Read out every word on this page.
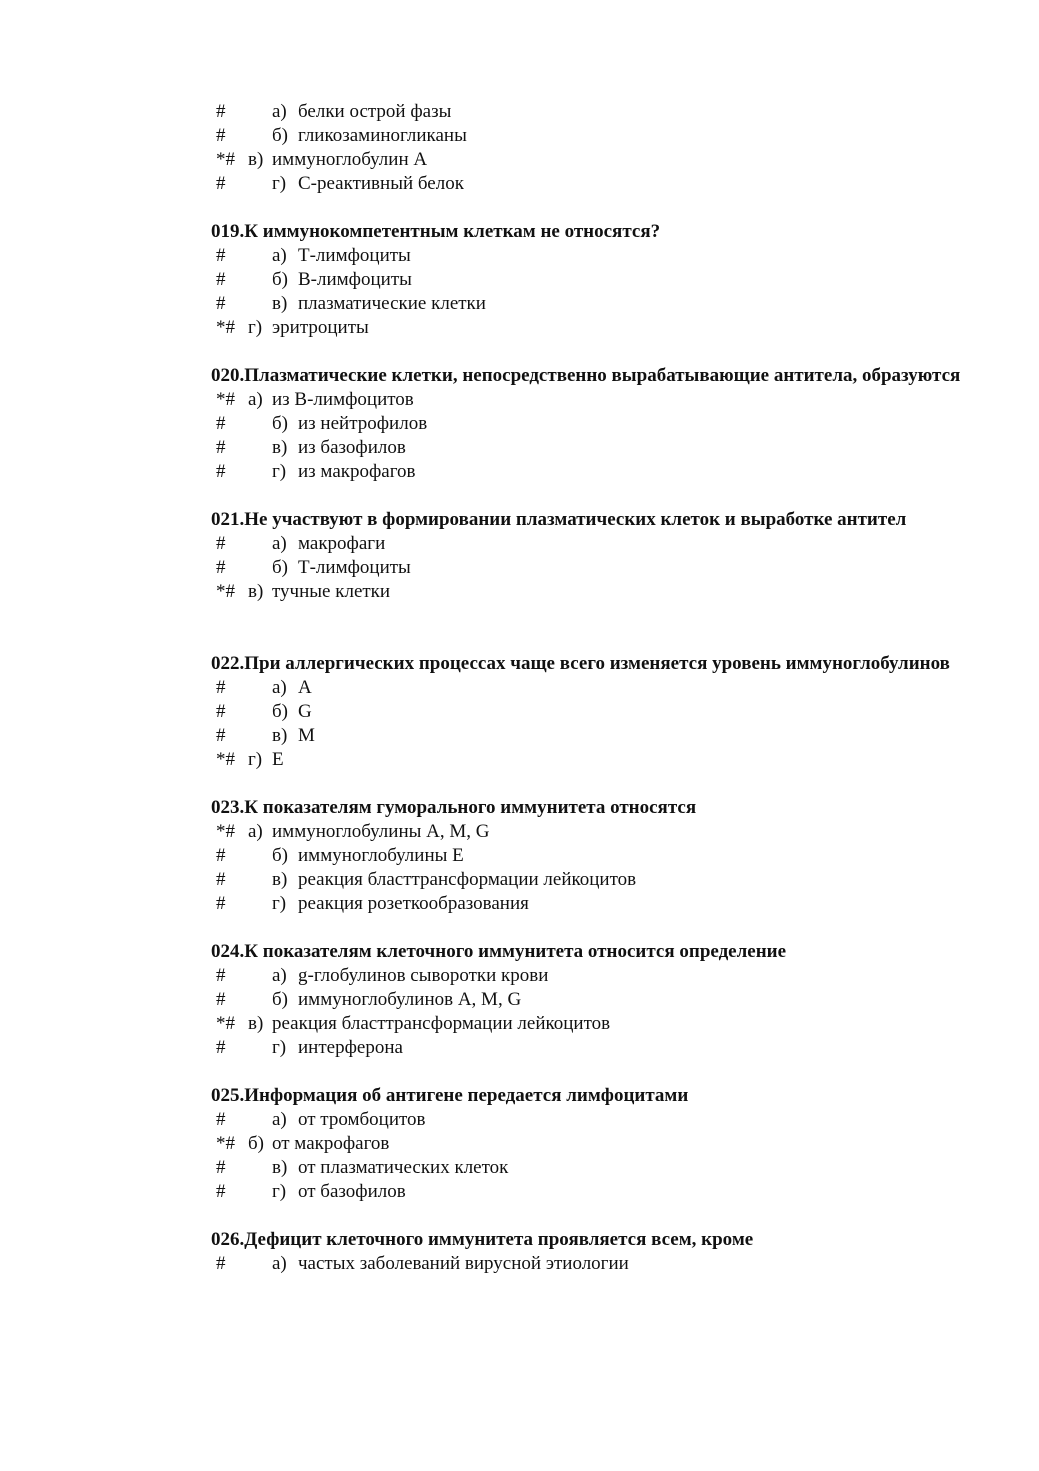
# а) белки острой фазы
# б) гликозаминогликаны
*# в) иммуноглобулин А
# г) С-реактивный белок
019.К иммунокомпетентным клеткам не относятся?
# а) Т-лимфоциты
# б) В-лимфоциты
# в) плазматические клетки
*# г) эритроциты
020.Плазматические клетки, непосредственно вырабатывающие антитела, образуются
*# а) из В-лимфоцитов
# б) из нейтрофилов
# в) из базофилов
# г) из макрофагов
021.Не участвуют в формировании плазматических клеток и выработке антител
# а) макрофаги
# б) Т-лимфоциты
*# в) тучные клетки
022.При аллергических процессах чаще всего изменяется уровень иммуноглобулинов
# а) A
# б) G
# в) M
*# г) E
023.К показателям гуморального иммунитета относятся
*# а) иммуноглобулины А, М, G
# б) иммуноглобулины Е
# в) реакция бласттрансформации лейкоцитов
# г) реакция розеткообразования
024.К показателям клеточного иммунитета относится определение
# а) g-глобулинов сыворотки крови
# б) иммуноглобулинов А, М, G
*# в) реакция бласттрансформации лейкоцитов
# г) интерферона
025.Информация об антигене передается лимфоцитами
# а) от тромбоцитов
*# б) от макрофагов
# в) от плазматических клеток
# г) от базофилов
026.Дефицит клеточного иммунитета проявляется всем, кроме
# а) частых заболеваний вирусной этиологии
